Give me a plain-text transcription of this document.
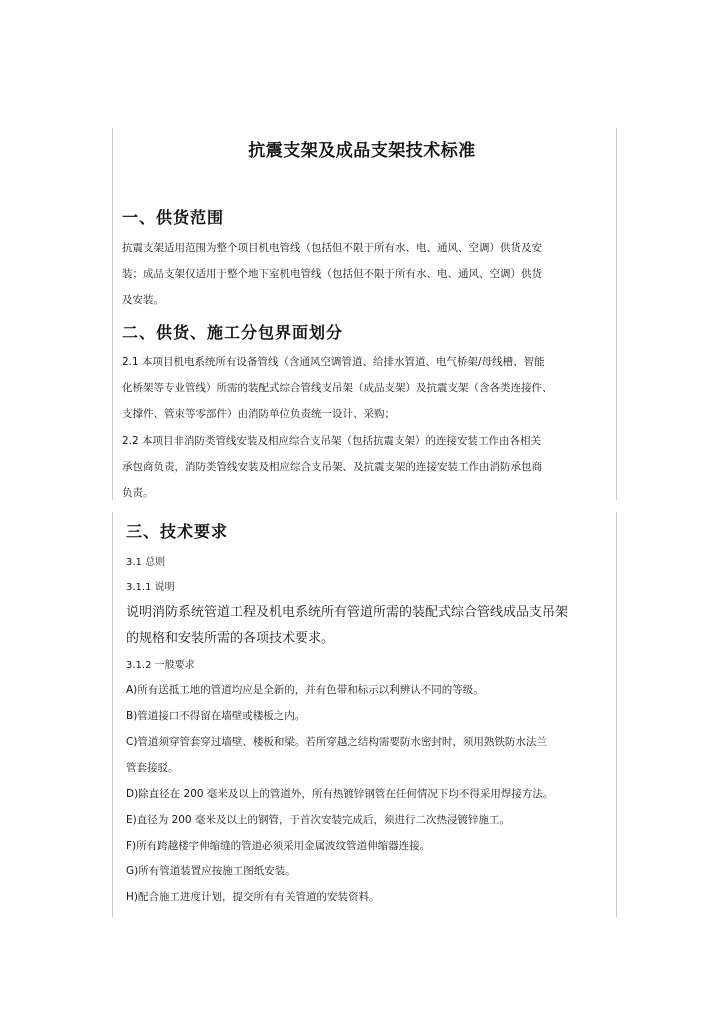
抗震支架及成品支架技术标准
一、供货范围
抗震支架适用范围为整个项目机电管线（包括但不限于所有水、电、通风、空调）供货及安
装；成品支架仅适用于整个地下室机电管线（包括但不限于所有水、电、通风、空调）供货
及安装。
二、供货、施工分包界面划分
2.1 本项目机电系统所有设备管线（含通风空调管道、给排水管道、电气桥架/母线槽、智能
化桥架等专业管线）所需的装配式综合管线支吊架（成品支架）及抗震支架（含各类连接件、
支撑件、管束等零部件）由消防单位负责统一设计、采购；
2.2 本项目非消防类管线安装及相应综合支吊架（包括抗震支架）的连接安装工作由各相关
承包商负责，消防类管线安装及相应综合支吊架、及抗震支架的连接安装工作由消防承包商
负责。
三、技术要求
3.1 总则
3.1.1 说明
说明消防系统管道工程及机电系统所有管道所需的装配式综合管线成品支吊架
的规格和安装所需的各项技术要求。
3.1.2 一般要求
A)所有送抵工地的管道均应是全新的，并有色带和标示以利辨认不同的等级。
B)管道接口不得留在墙壁或楼板之内。
C)管道须穿管套穿过墙壁、楼板和梁。若所穿越之结构需要防水密封时，须用熟铁防水法兰
管套接驳。
D)除直径在 200 毫米及以上的管道外，所有热镀锌钢管在任何情况下均不得采用焊接方法。
E)直径为 200 毫米及以上的钢管，于首次安装完成后，须进行二次热浸镀锌施工。
F)所有跨越楼宇伸缩缝的管道必须采用金属波纹管道伸缩器连接。
G)所有管道装置应按施工图纸安装。
H)配合施工进度计划，提交所有有关管道的安装资料。
